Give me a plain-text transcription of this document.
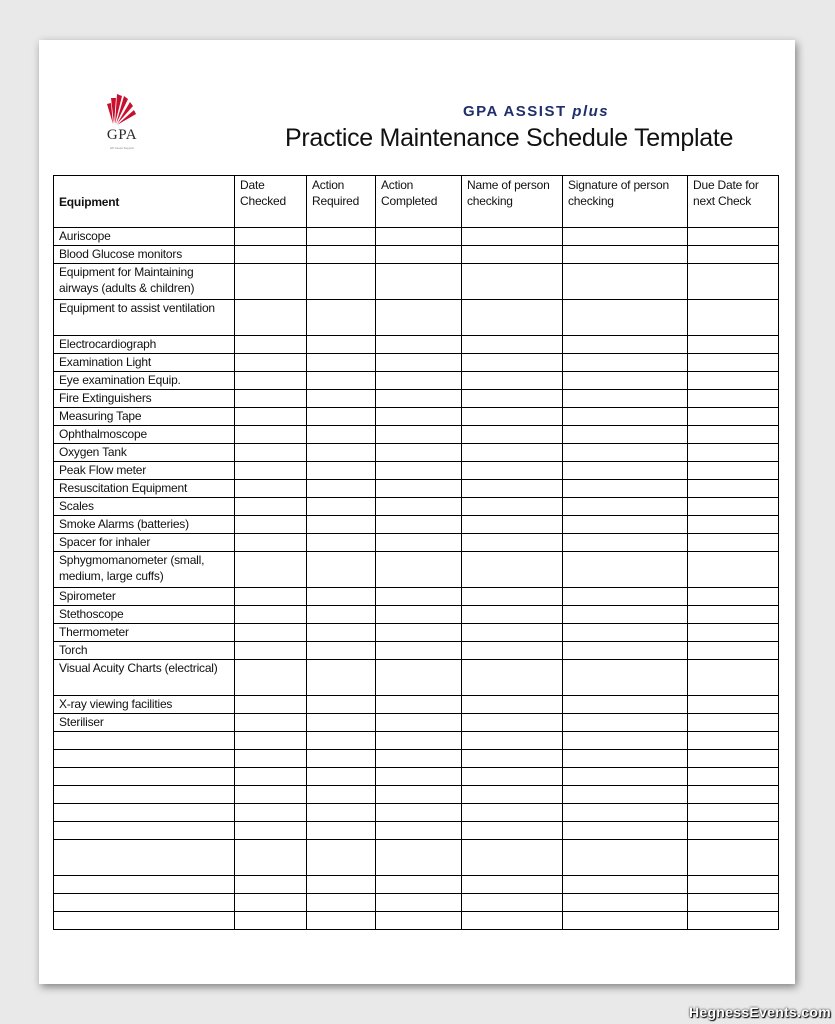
GPA
GP Assist Support
GPA ASSIST plus
Practice Maintenance Schedule Template
Equipment	Date Checked	Action Required	Action Completed	Name of person checking	Signature of person checking	Due Date for next Check
Auriscope						
Blood Glucose monitors						
Equipment for Maintaining airways (adults & children)						
Equipment to assist ventilation						
Electrocardiograph						
Examination Light						
Eye examination Equip.						
Fire Extinguishers						
Measuring Tape						
Ophthalmoscope						
Oxygen Tank						
Peak Flow meter						
Resuscitation Equipment						
Scales						
Smoke Alarms (batteries)						
Spacer for inhaler						
Sphygmomanometer (small, medium, large cuffs)						
Spirometer						
Stethoscope						
Thermometer						
Torch						
Visual Acuity Charts (electrical)						
X-ray viewing facilities						
Steriliser						

HegnessEvents.com
